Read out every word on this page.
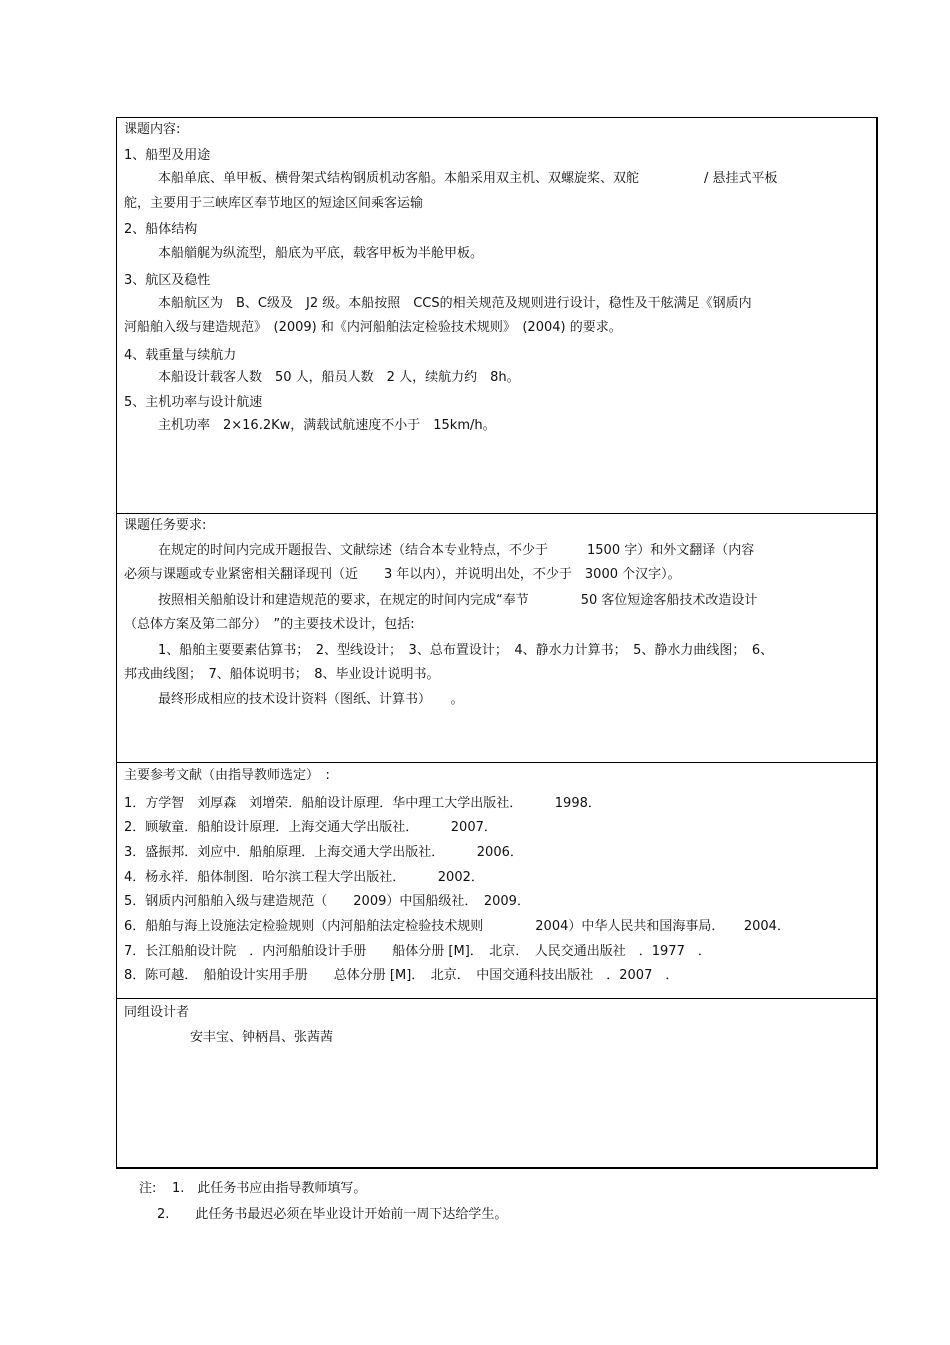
课题内容:
1、船型及用途
本船单底、单甲板、横骨架式结构钢质机动客船。本船采用双主机、双螺旋桨、双舵　　　　　/ 悬挂式平板
舵，主要用于三峡库区奉节地区的短途区间乘客运输
2、船体结构
本船艏艉为纵流型，船底为平底，载客甲板为半舱甲板。
3、航区及稳性
本船航区为　B、C级及　J2 级。本船按照　CCS的相关规范及规则进行设计，稳性及干舷满足《钢质内
河船舶入级与建造规范》　(2009) 和《内河船舶法定检验技术规则》　(2004) 的要求。
4、载重量与续航力
本船设计载客人数　50 人，船员人数　2 人，续航力约　8h。
5、主机功率与设计航速
主机功率　2×16.2Kw，满载试航速度不小于　15km/h。
课题任务要求:
在规定的时间内完成开题报告、文献综述（结合本专业特点，不少于　　　1500 字）和外文翻译（内容
必须与课题或专业紧密相关翻译现刊（近　　3 年以内），并说明出处，不少于　3000 个汉字）。
按照相关船舶设计和建造规范的要求，在规定的时间内完成“奉节　　　　50 客位短途客船技术改造设计
（总体方案及第二部分）　”的主要技术设计，包括:
1、船舶主要要素估算书；　2、型线设计；　3、总布置设计；　4、静水力计算书；　5、静水力曲线图；　6、
邦戎曲线图；　7、船体说明书；　8、毕业设计说明书。
最终形成相应的技术设计资料（图纸、计算书）　　。
主要参考文献（由指导教师选定）　:
1．方学智　刘厚森　刘增荣．船舶设计原理．华中理工大学出版社．　　　1998．
2．顾敏童．船舶设计原理．上海交通大学出版社．　　　2007．
3．盛振邦．刘应中．船舶原理．上海交通大学出版社．　　　2006．
4．杨永祥．船体制图．哈尔滨工程大学出版社．　　　2002．
5．钢质内河船舶入级与建造规范（　　2009）中国船级社．　2009．
6．船舶与海上设施法定检验规则（内河船舶法定检验技术规则　　　　2004）中华人民共和国海事局．　　2004．
7．长江船舶设计院　．内河船舶设计手册　　船体分册 [M]．　北京．　人民交通出版社　．1977　．
8．陈可越．　船舶设计实用手册　　总体分册 [M]．　北京．　中国交通科技出版社　．2007　．
同组设计者
安丰宝、钟柄昌、张茜茜
注: 1.　此任务书应由指导教师填写。
2.　　此任务书最迟必须在毕业设计开始前一周下达给学生。
